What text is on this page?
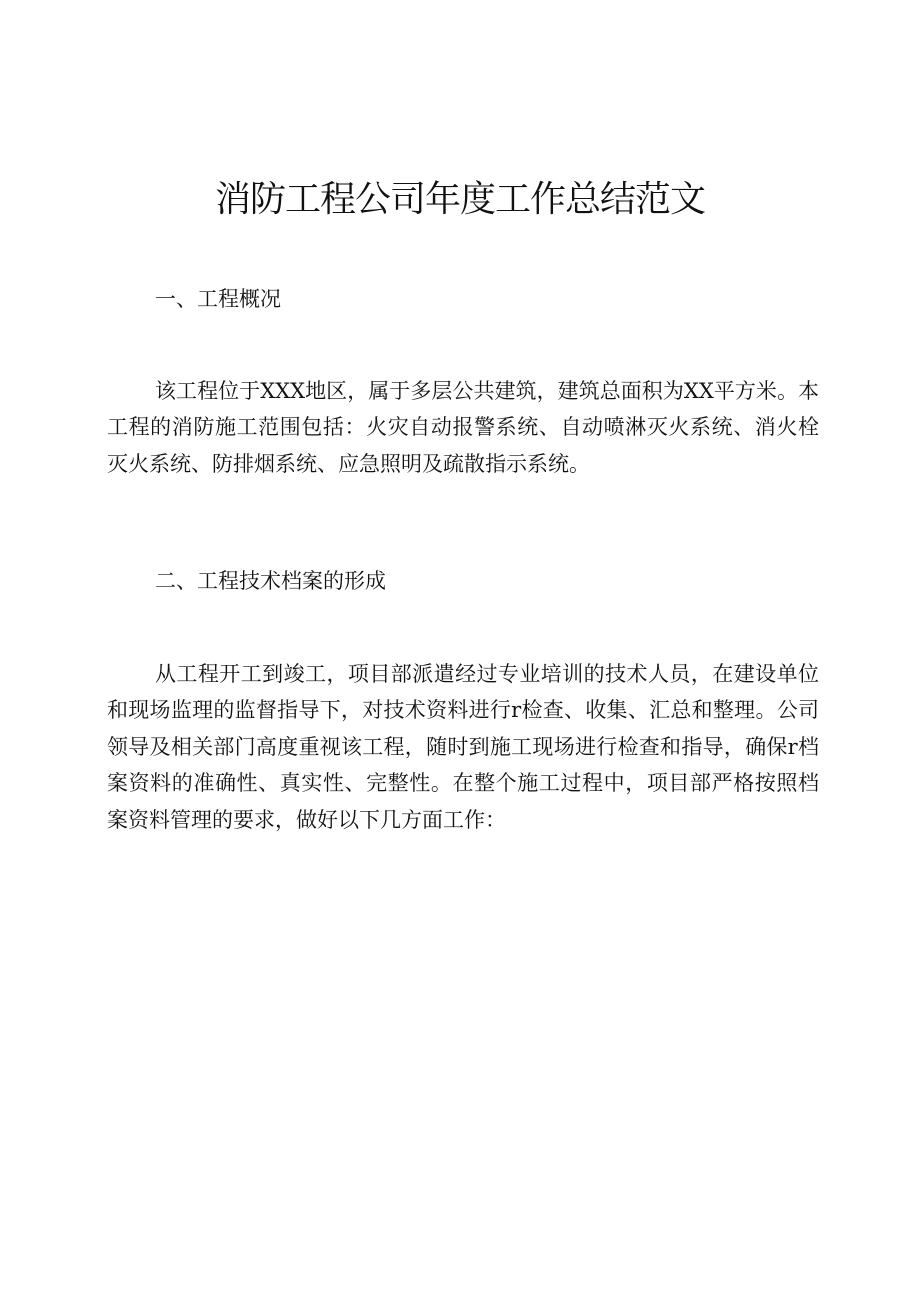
消防工程公司年度工作总结范文
一、工程概况

该工程位于XXX地区，属于多层公共建筑，建筑总面积为XX平方米。本工程的消防施工范围包括：火灾自动报警系统、自动喷淋灭火系统、消火栓灭火系统、防排烟系统、应急照明及疏散指示系统。

二、工程技术档案的形成

从工程开工到竣工，项目部派遣经过专业培训的技术人员，在建设单位和现场监理的监督指导下，对技术资料进行r检查、收集、汇总和整理。公司领导及相关部门高度重视该工程，随时到施工现场进行检查和指导，确保r档案资料的准确性、真实性、完整性。在整个施工过程中，项目部严格按照档案资料管理的要求，做好以下几方面工作：
